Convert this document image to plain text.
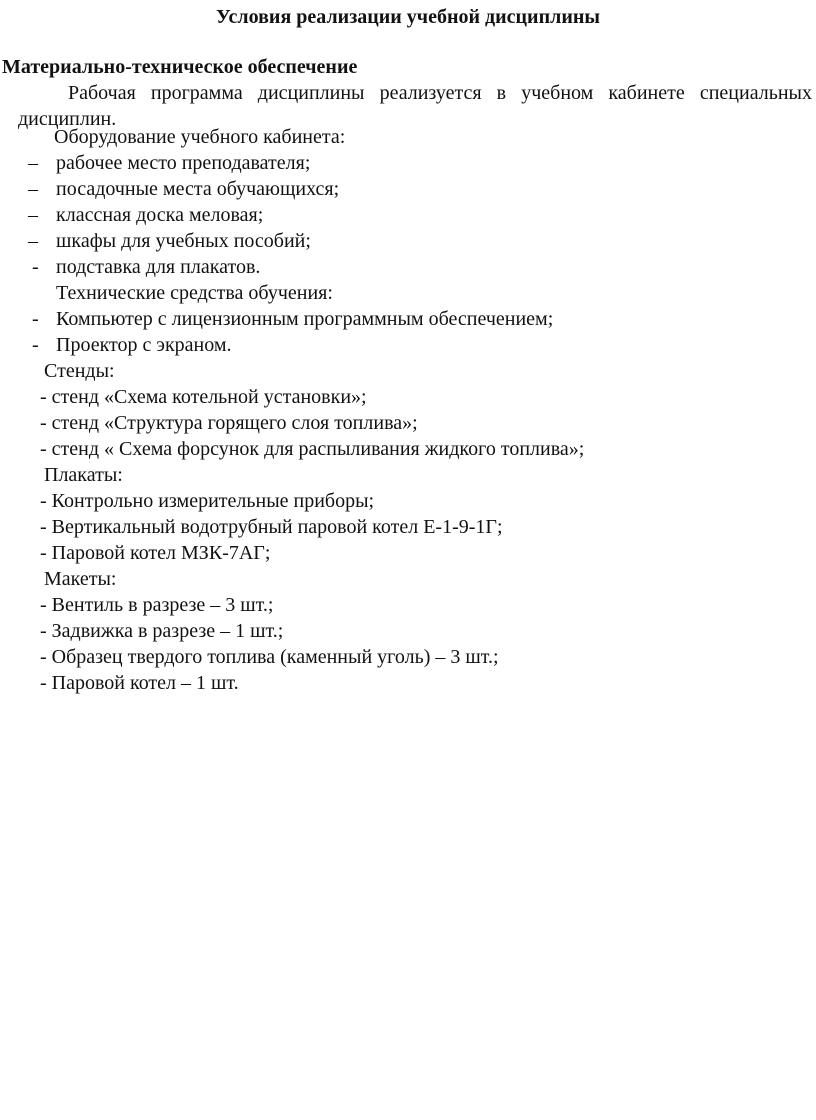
Условия реализации учебной дисциплины
Материально-техническое обеспечение
Рабочая программа дисциплины реализуется в учебном кабинете специальных дисциплин.
Оборудование учебного кабинета:
– рабочее место преподавателя;
– посадочные места обучающихся;
– классная доска меловая;
– шкафы для учебных пособий;
- подставка для плакатов.
Технические средства обучения:
- Компьютер с лицензионным программным обеспечением;
- Проектор с экраном.
Стенды:
- стенд «Схема котельной установки»;
- стенд «Структура горящего слоя топлива»;
- стенд « Схема форсунок для распыливания жидкого топлива»;
Плакаты:
- Контрольно измерительные приборы;
- Вертикальный водотрубный паровой котел Е-1-9-1Г;
- Паровой котел МЗК-7АГ;
Макеты:
- Вентиль в разрезе – 3 шт.;
- Задвижка в разрезе – 1 шт.;
- Образец твердого топлива (каменный уголь) – 3 шт.;
- Паровой котел – 1 шт.
